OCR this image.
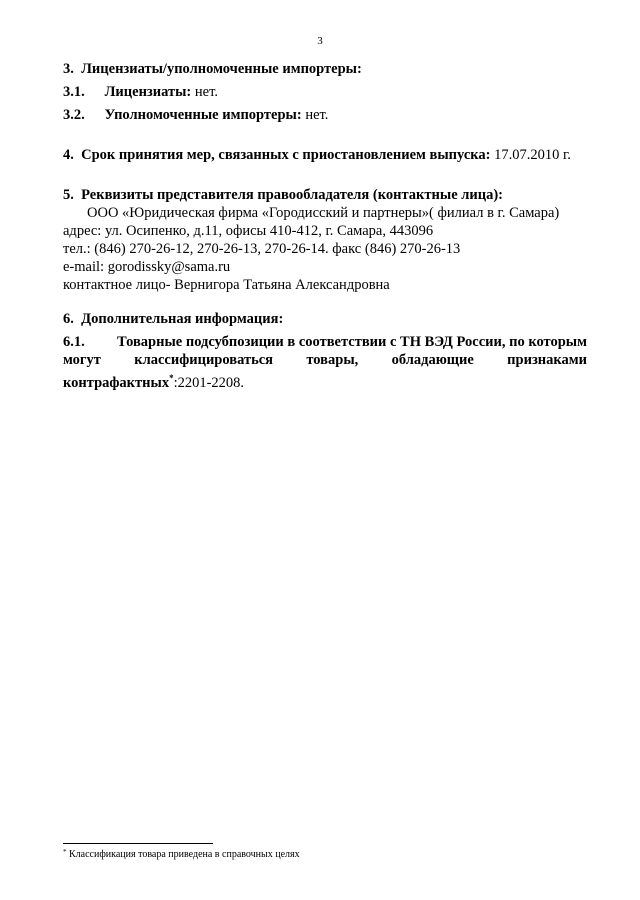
3
3. Лицензиаты/уполномоченные импортеры:
3.1. Лицензиаты: нет.
3.2. Уполномоченные импортеры: нет.
4. Срок принятия мер, связанных с приостановлением выпуска: 17.07.2010 г.
5. Реквизиты представителя правообладателя (контактные лица):
ООО «Юридическая фирма «Городисский и партнеры»( филиал в г. Самара)
адрес: ул. Осипенко, д.11, офисы 410-412, г. Самара, 443096
тел.: (846) 270-26-12, 270-26-13, 270-26-14. факс (846) 270-26-13
e-mail: gorodissky@sama.ru
контактное лицо- Вернигора Татьяна Александровна
6. Дополнительная информация:
6.1. Товарные подсубпозиции в соответствии с ТН ВЭД России, по которым
могут классифицироваться товары, обладающие признаками
контрафактных*:2201-2208.
* Классификация товара приведена в справочных целях
